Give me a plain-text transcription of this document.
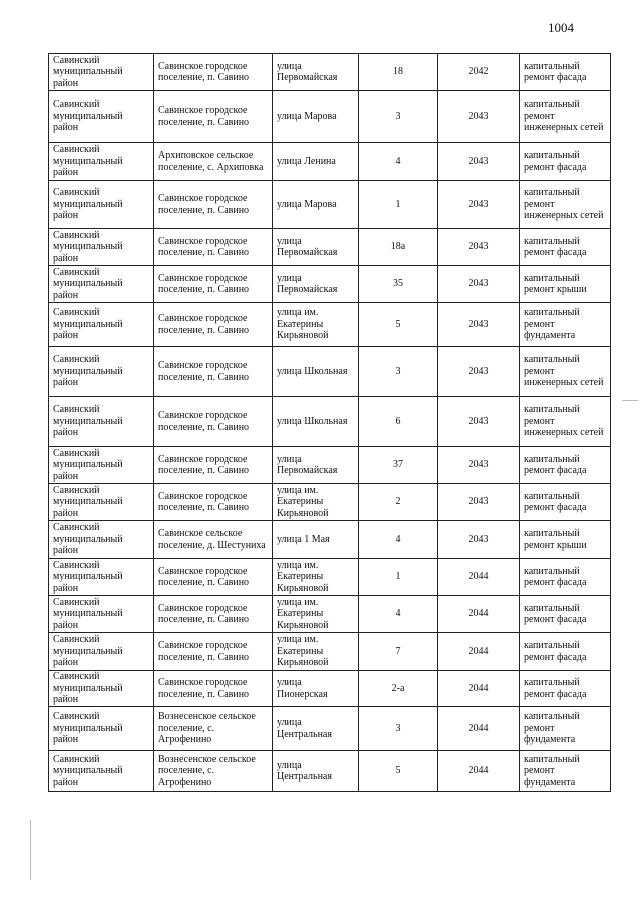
1004
Савинский муниципальный район	Савинское городское поселение, п. Савино	улица Первомайская	18	2042	капитальный ремонт фасада
Савинский муниципальный район	Савинское городское поселение, п. Савино	улица Марова	3	2043	капитальный ремонт инженерных сетей
Савинский муниципальный район	Архиповское сельское поселение, с. Архиповка	улица Ленина	4	2043	капитальный ремонт фасада
Савинский муниципальный район	Савинское городское поселение, п. Савино	улица Марова	1	2043	капитальный ремонт инженерных сетей
Савинский муниципальный район	Савинское городское поселение, п. Савино	улица Первомайская	18а	2043	капитальный ремонт фасада
Савинский муниципальный район	Савинское городское поселение, п. Савино	улица Первомайская	35	2043	капитальный ремонт крыши
Савинский муниципальный район	Савинское городское поселение, п. Савино	улица им. Екатерины Кирьяновой	5	2043	капитальный ремонт фундамента
Савинский муниципальный район	Савинское городское поселение, п. Савино	улица Школьная	3	2043	капитальный ремонт инженерных сетей
Савинский муниципальный район	Савинское городское поселение, п. Савино	улица Школьная	6	2043	капитальный ремонт инженерных сетей
Савинский муниципальный район	Савинское городское поселение, п. Савино	улица Первомайская	37	2043	капитальный ремонт фасада
Савинский муниципальный район	Савинское городское поселение, п. Савино	улица им. Екатерины Кирьяновой	2	2043	капитальный ремонт фасада
Савинский муниципальный район	Савинское сельское поселение, д. Шестуниха	улица 1 Мая	4	2043	капитальный ремонт крыши
Савинский муниципальный район	Савинское городское поселение, п. Савино	улица им. Екатерины Кирьяновой	1	2044	капитальный ремонт фасада
Савинский муниципальный район	Савинское городское поселение, п. Савино	улица им. Екатерины Кирьяновой	4	2044	капитальный ремонт фасада
Савинский муниципальный район	Савинское городское поселение, п. Савино	улица им. Екатерины Кирьяновой	7	2044	капитальный ремонт фасада
Савинский муниципальный район	Савинское городское поселение, п. Савино	улица Пионерская	2-а	2044	капитальный ремонт фасада
Савинский муниципальный район	Вознесенское сельское поселение, с. Агрофенино	улица Центральная	3	2044	капитальный ремонт фундамента
Савинский муниципальный район	Вознесенское сельское поселение, с. Агрофенино	улица Центральная	5	2044	капитальный ремонт фундамента
